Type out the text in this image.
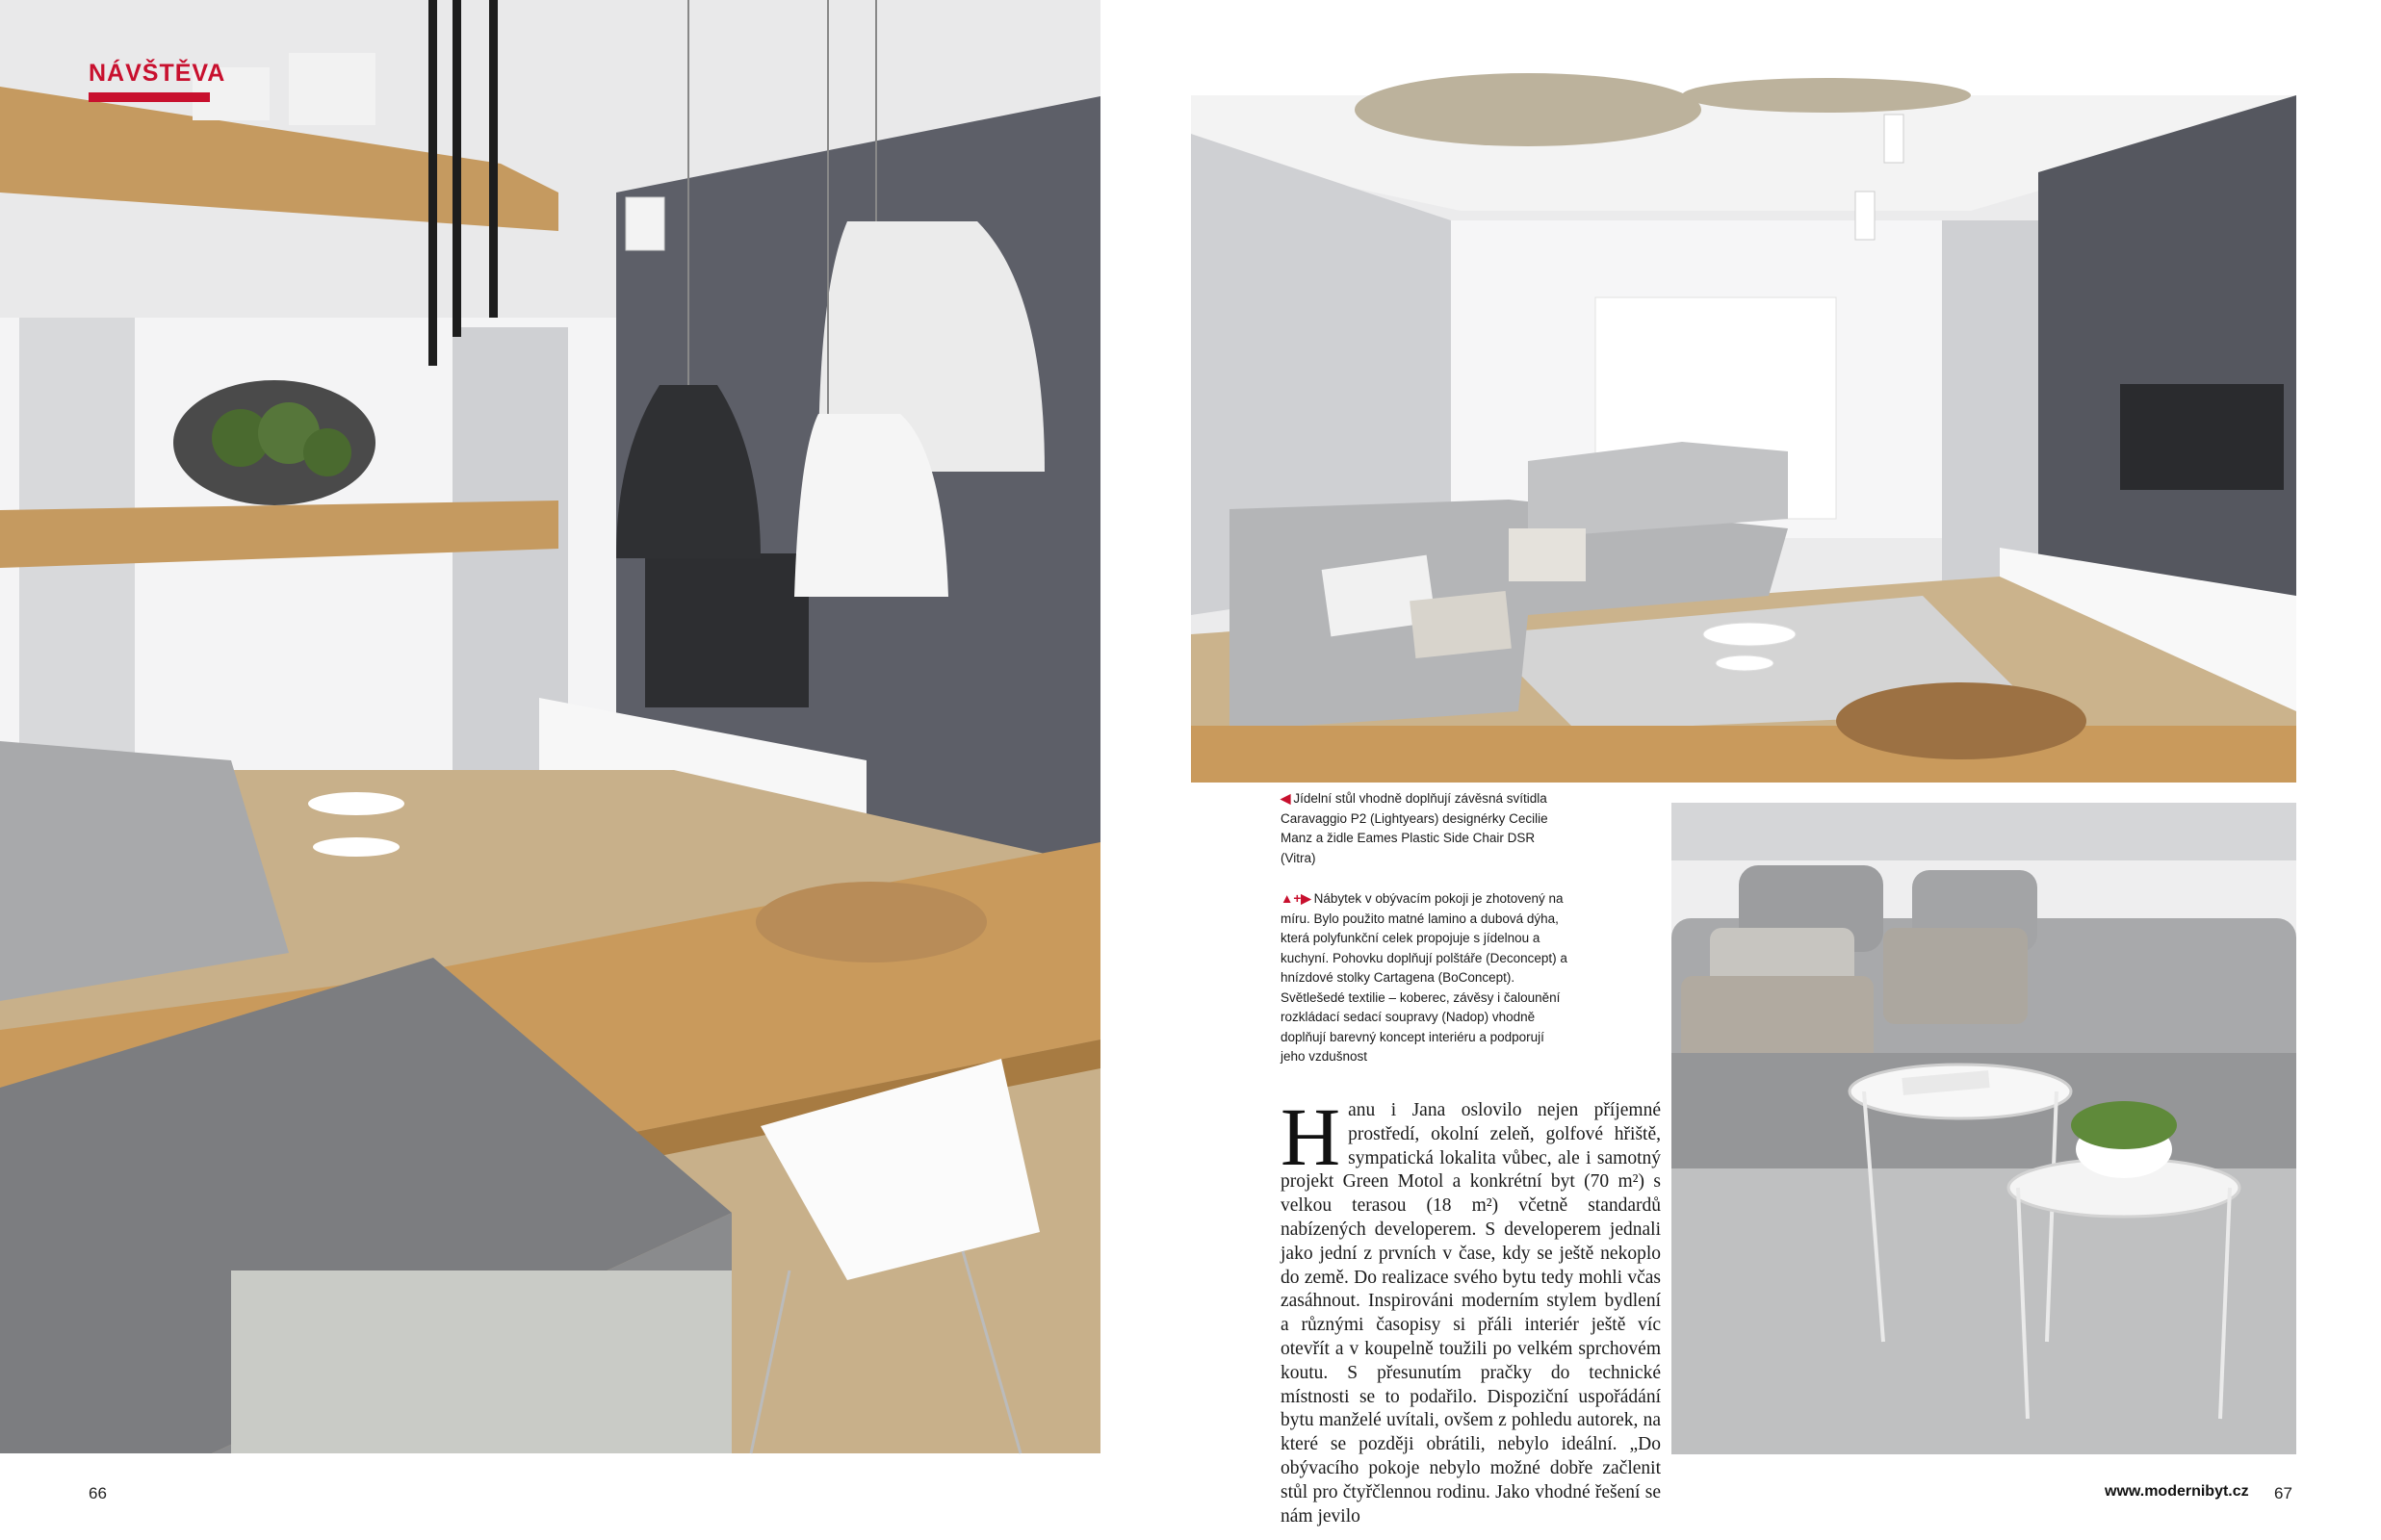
NÁVŠTĚVA

◀ Jídelní stůl vhodně doplňují závěsná svítidla Caravaggio P2 (Lightyears) designérky Cecilie Manz a židle Eames Plastic Side Chair DSR (Vitra)

▲+▶ Nábytek v obývacím pokoji je zhotovený na míru. Bylo použito matné lamino a dubová dýha, která polyfunkční celek propojuje s jídelnou a kuchyní. Pohovku doplňují polštáře (Deconcept) a hnízdové stolky Cartagena (BoConcept). Světlešedé textilie – koberec, závěsy i čalounění rozkládací sedací soupravy (Nadop) vhodně doplňují barevný koncept interiéru a podporují jeho vzdušnost

Hanu i Jana oslovilo nejen příjemné prostředí, okolní zeleň, golfové hřiště, sympatická lokalita vůbec, ale i samotný projekt Green Motol a konkrétní byt (70 m²) s velkou terasou (18 m²) včetně standardů nabízených developerem. S developerem jednali jako jední z prvních v čase, kdy se ještě nekoplo do země. Do realizace svého bytu tedy mohli včas zasáhnout. Inspirováni moderním stylem bydlení a různými časopisy si přáli interiér ještě víc otevřít a v koupelně toužili po velkém sprchovém koutu. S přesunutím pračky do technické místnosti se to podařilo. Dispoziční uspořádání bytu manželé uvítali, ovšem z pohledu autorek, na které se později obrátili, nebylo ideální. „Do obývacího pokoje nebylo možné dobře začlenit stůl pro čtyřčlennou rodinu. Jako vhodné řešení se nám jevilo
66	www.modernibyt.cz 67
